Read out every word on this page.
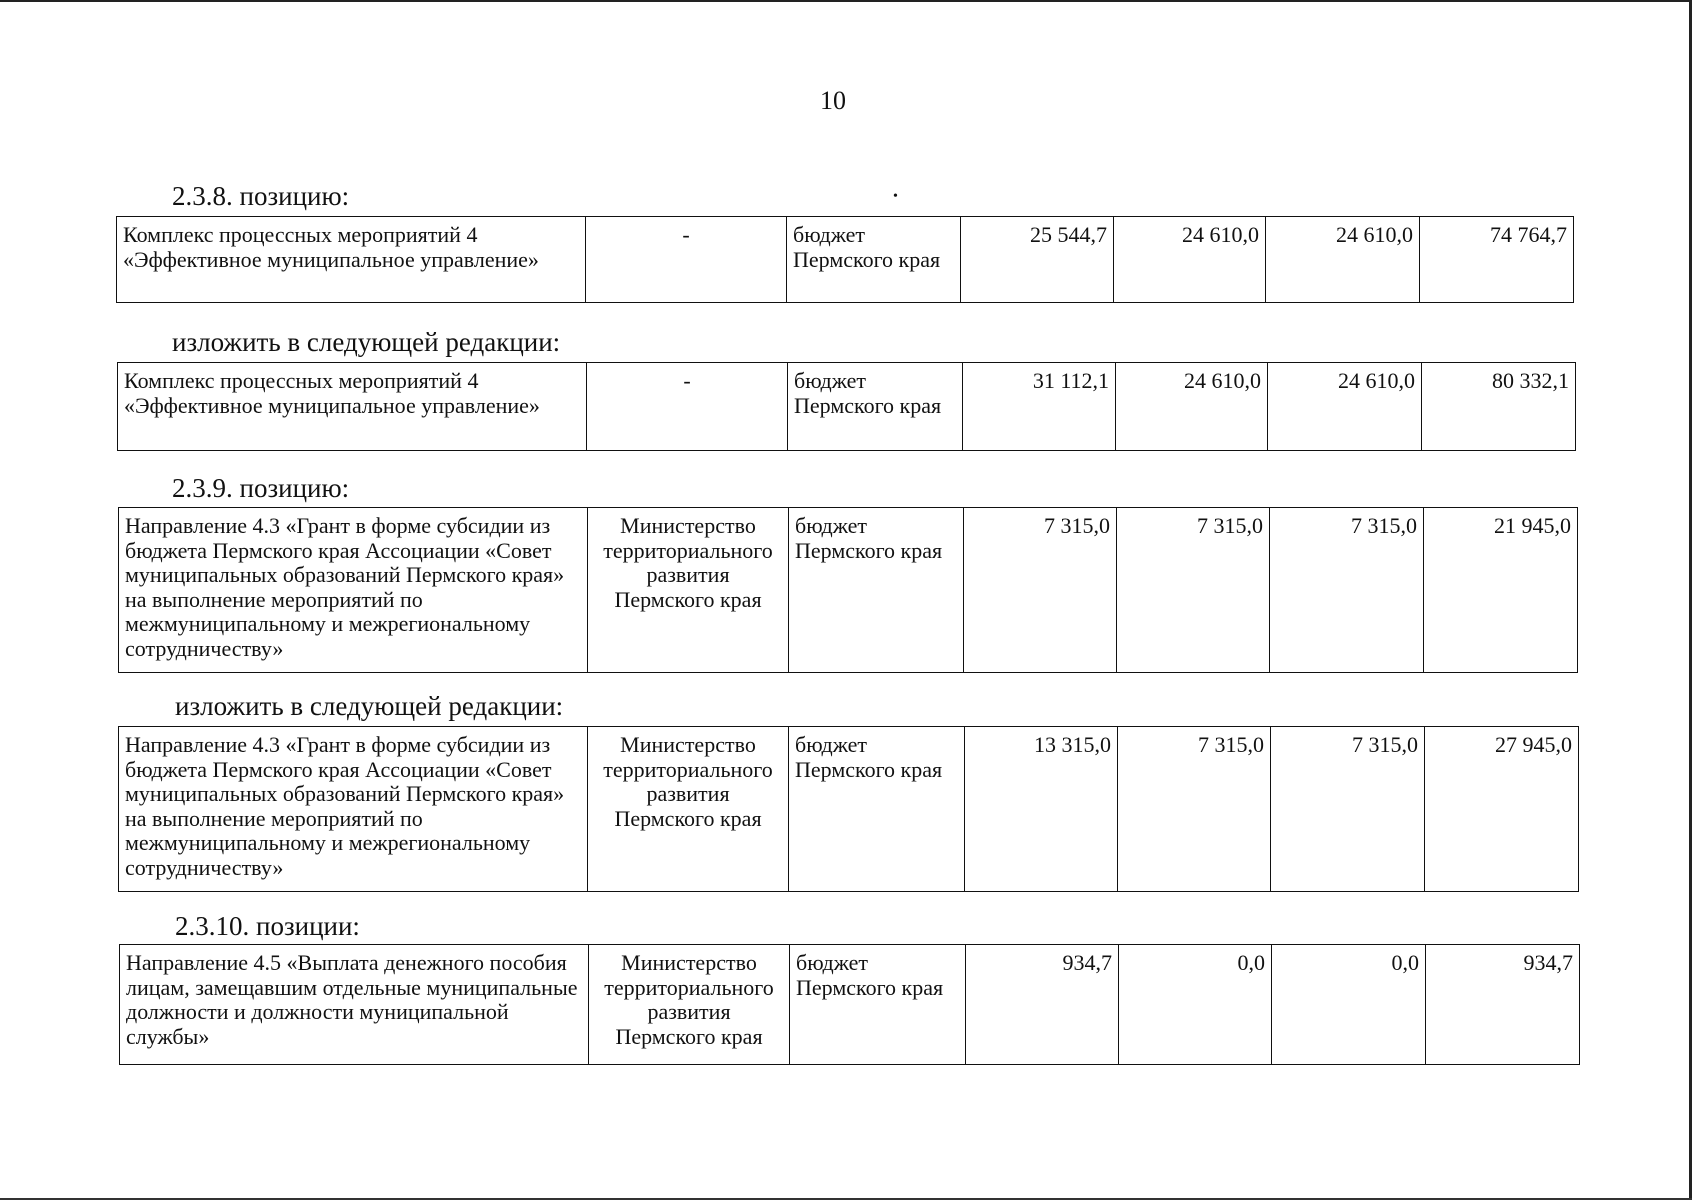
10
2.3.8. позицию:	•
Комплекс процессных мероприятий 4 «Эффективное муниципальное управление»	-	бюджет Пермского края	25 544,7	24 610,0	24 610,0	74 764,7
изложить в следующей редакции:
Комплекс процессных мероприятий 4 «Эффективное муниципальное управление»	-	бюджет Пермского края	31 112,1	24 610,0	24 610,0	80 332,1
2.3.9. позицию:
Направление 4.3 «Грант в форме субсидии из бюджета Пермского края Ассоциации «Совет муниципальных образований Пермского края» на выполнение мероприятий по межмуниципальному и межрегиональному сотрудничеству»	Министерство территориального развития Пермского края	бюджет Пермского края	7 315,0	7 315,0	7 315,0	21 945,0
изложить в следующей редакции:
Направление 4.3 «Грант в форме субсидии из бюджета Пермского края Ассоциации «Совет муниципальных образований Пермского края» на выполнение мероприятий по межмуниципальному и межрегиональному сотрудничеству»	Министерство территориального развития Пермского края	бюджет Пермского края	13 315,0	7 315,0	7 315,0	27 945,0
2.3.10. позиции:
Направление 4.5 «Выплата денежного пособия лицам, замещавшим отдельные муниципальные должности и должности муниципальной службы»	Министерство территориального развития Пермского края	бюджет Пермского края	934,7	0,0	0,0	934,7
